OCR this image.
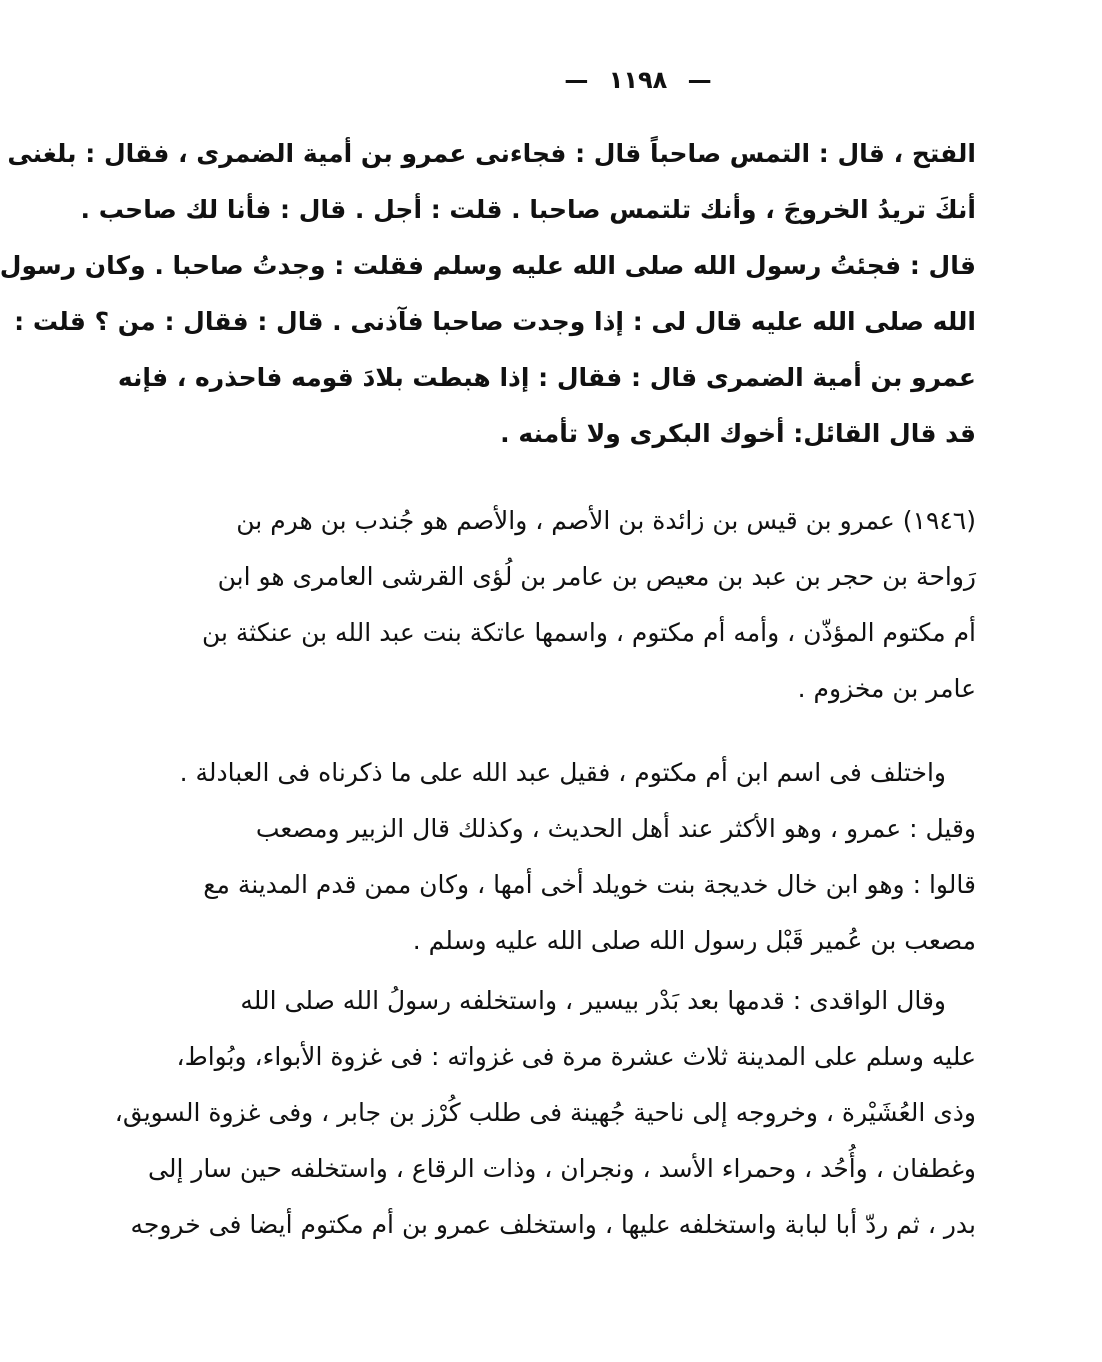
— ١١٩٨ —
الفتح ، قال : التمس صاحباً قال : فجاءنى عمرو بن أمية الضمرى ، فقال : بلغنى
أنكَ تريدُ الخروجَ ، وأنك تلتمس صاحبا . قلت : أجل . قال : فأنا لك صاحب .
قال : فجئتُ رسول الله صلى الله عليه وسلم فقلت : وجدتُ صاحبا . وكان رسول
الله صلى الله عليه قال لى : إذا وجدت صاحبا فآذنى . قال : فقال : من ؟ قلت :
عمرو بن أمية الضمرى قال : فقال : إذا هبطت بلادَ قومه فاحذره ، فإنه
قد قال القائل: أخوك البكرى ولا تأمنه .
(١٩٤٦) عمرو بن قيس بن زائدة بن الأصم ، والأصم هو جُندب بن هرم بن
رَواحة بن حجر بن عبد بن معيص بن عامر بن لُؤى القرشى العامرى هو ابن
أم مكتوم المؤذّن ، وأمه أم مكتوم ، واسمها عاتكة بنت عبد الله بن عنكثة بن
عامر بن مخزوم .
واختلف فى اسم ابن أم مكتوم ، فقيل عبد الله على ما ذكرناه فى العبادلة .
وقيل : عمرو ، وهو الأكثر عند أهل الحديث ، وكذلك قال الزبير ومصعب
قالوا : وهو ابن خال خديجة بنت خويلد أخى أمها ، وكان ممن قدم المدينة مع
مصعب بن عُمير قَبْل رسول الله صلى الله عليه وسلم .
وقال الواقدى : قدمها بعد بَدْر بيسير ، واستخلفه رسولُ الله صلى الله
عليه وسلم على المدينة ثلاث عشرة مرة فى غزواته : فى غزوة الأبواء، وبُواط،
وذى العُشَيْرة ، وخروجه إلى ناحية جُهينة فى طلب كُرْز بن جابر ، وفى غزوة السويق،
وغطفان ، وأُحُد ، وحمراء الأسد ، ونجران ، وذات الرقاع ، واستخلفه حين سار إلى
بدر ، ثم ردّ أبا لبابة واستخلفه عليها ، واستخلف عمرو بن أم مكتوم أيضا فى خروجه
